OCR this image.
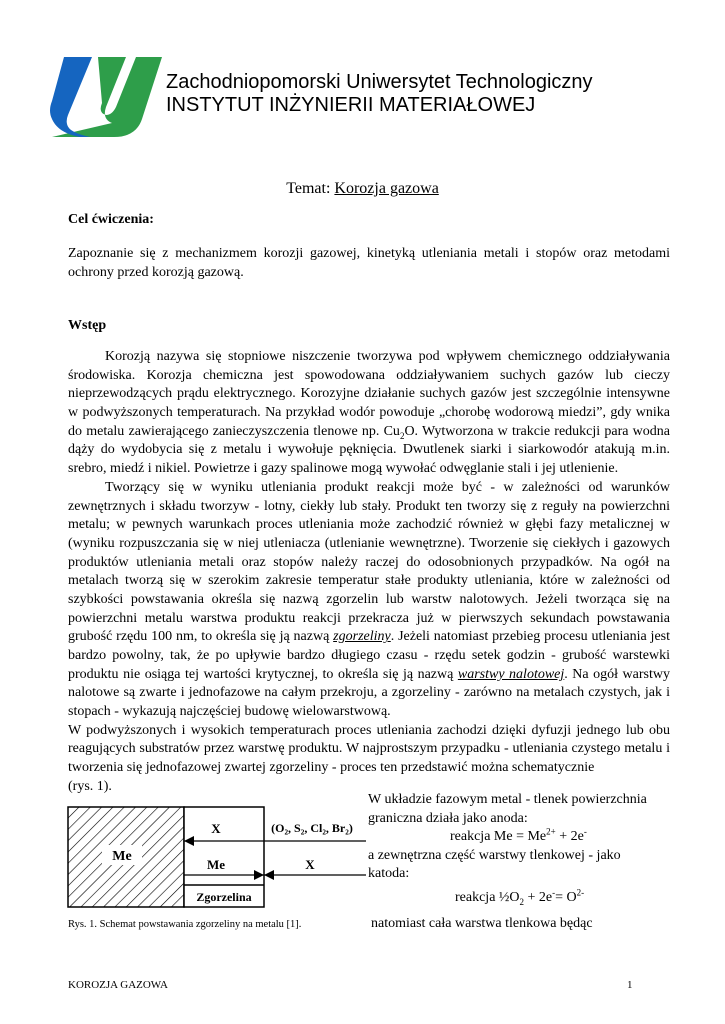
Zachodniopomorski Uniwersytet Technologiczny
INSTYTUT INŻYNIERII MATERIAŁOWEJ
Temat: Korozja gazowa
Cel ćwiczenia:
Zapoznanie się z mechanizmem korozji gazowej, kinetyką utleniania metali i stopów oraz metodami
ochrony przed korozją gazową.
Wstęp
Korozją nazywa się stopniowe niszczenie tworzywa pod wpływem chemicznego oddziaływania
środowiska. Korozja chemiczna jest spowodowana oddziaływaniem suchych gazów lub cieczy
nieprzewodzących prądu elektrycznego. Korozyjne działanie suchych gazów jest szczególnie intensywne
w podwyższonych temperaturach. Na przykład wodór powoduje „chorobę wodorową miedzi”, gdy wnika
do metalu zawierającego zanieczyszczenia tlenowe np. $Cu_2O$. Wytworzona w trakcie redukcji para wodna
dąży do wydobycia się z metalu i wywołuje pęknięcia. Dwutlenek siarki i siarkowodór atakują m.in.
srebro, miedź i nikiel. Powietrze i gazy spalinowe mogą wywołać odwęglanie stali i jej utlenienie.
Tworzący się w wyniku utleniania produkt reakcji może być - w zależności od warunków
zewnętrznych i składu tworzyw - lotny, ciekły lub stały. Produkt ten tworzy się z reguły na powierzchni
metalu; w pewnych warunkach proces utleniania może zachodzić również w głębi fazy metalicznej w
(wyniku rozpuszczania się w niej utleniacza (utlenianie wewnętrzne). Tworzenie się ciekłych i gazowych
produktów utleniania metali oraz stopów należy raczej do odosobnionych przypadków. Na ogół na
metalach tworzą się w szerokim zakresie temperatur stałe produkty utleniania, które w zależności od
szybkości powstawania określa się nazwą zgorzelin lub warstw nalotowych. Jeżeli tworząca się na
powierzchni metalu warstwa produktu reakcji przekracza już w pierwszych sekundach powstawania
grubość rzędu 100 nm, to określa się ją nazwą zgorzeliny. Jeżeli natomiast przebieg procesu utleniania jest
bardzo powolny, tak, że po upływie bardzo długiego czasu - rzędu setek godzin - grubość warstewki
produktu nie osiąga tej wartości krytycznej, to określa się ją nazwą warstwy nalotowej. Na ogół warstwy
nalotowe są zwarte i jednofazowe na całym przekroju, a zgorzeliny - zarówno na metalach czystych, jak i
stopach - wykazują najczęściej budowę wielowarstwową.
W podwyższonych i wysokich temperaturach proces utleniania zachodzi dzięki dyfuzji jednego lub obu
reagujących substratów przez warstwę produktu. W najprostszym przypadku - utleniania czystego metalu i
tworzenia się jednofazowej zwartej zgorzeliny - proces ten przedstawić można schematycznie
(rys. 1).
Me
X
Me	X
(O₂, S₂, Cl₂, Br₂)
Zgorzelina
Rys. 1. Schemat powstawania zgorzeliny na metalu [1].
W układzie fazowym metal - tlenek powierzchnia
graniczna działa jako anoda:
reakcja $Me = Me^{2+} + 2e^-$
a zewnętrzna część warstwy tlenkowej - jako
katoda:
reakcja $\frac{1}{2}O_2 + 2e^-= O^{2-}$
natomiast cała warstwa tlenkowa będąc
KOROZJA GAZOWA	1
